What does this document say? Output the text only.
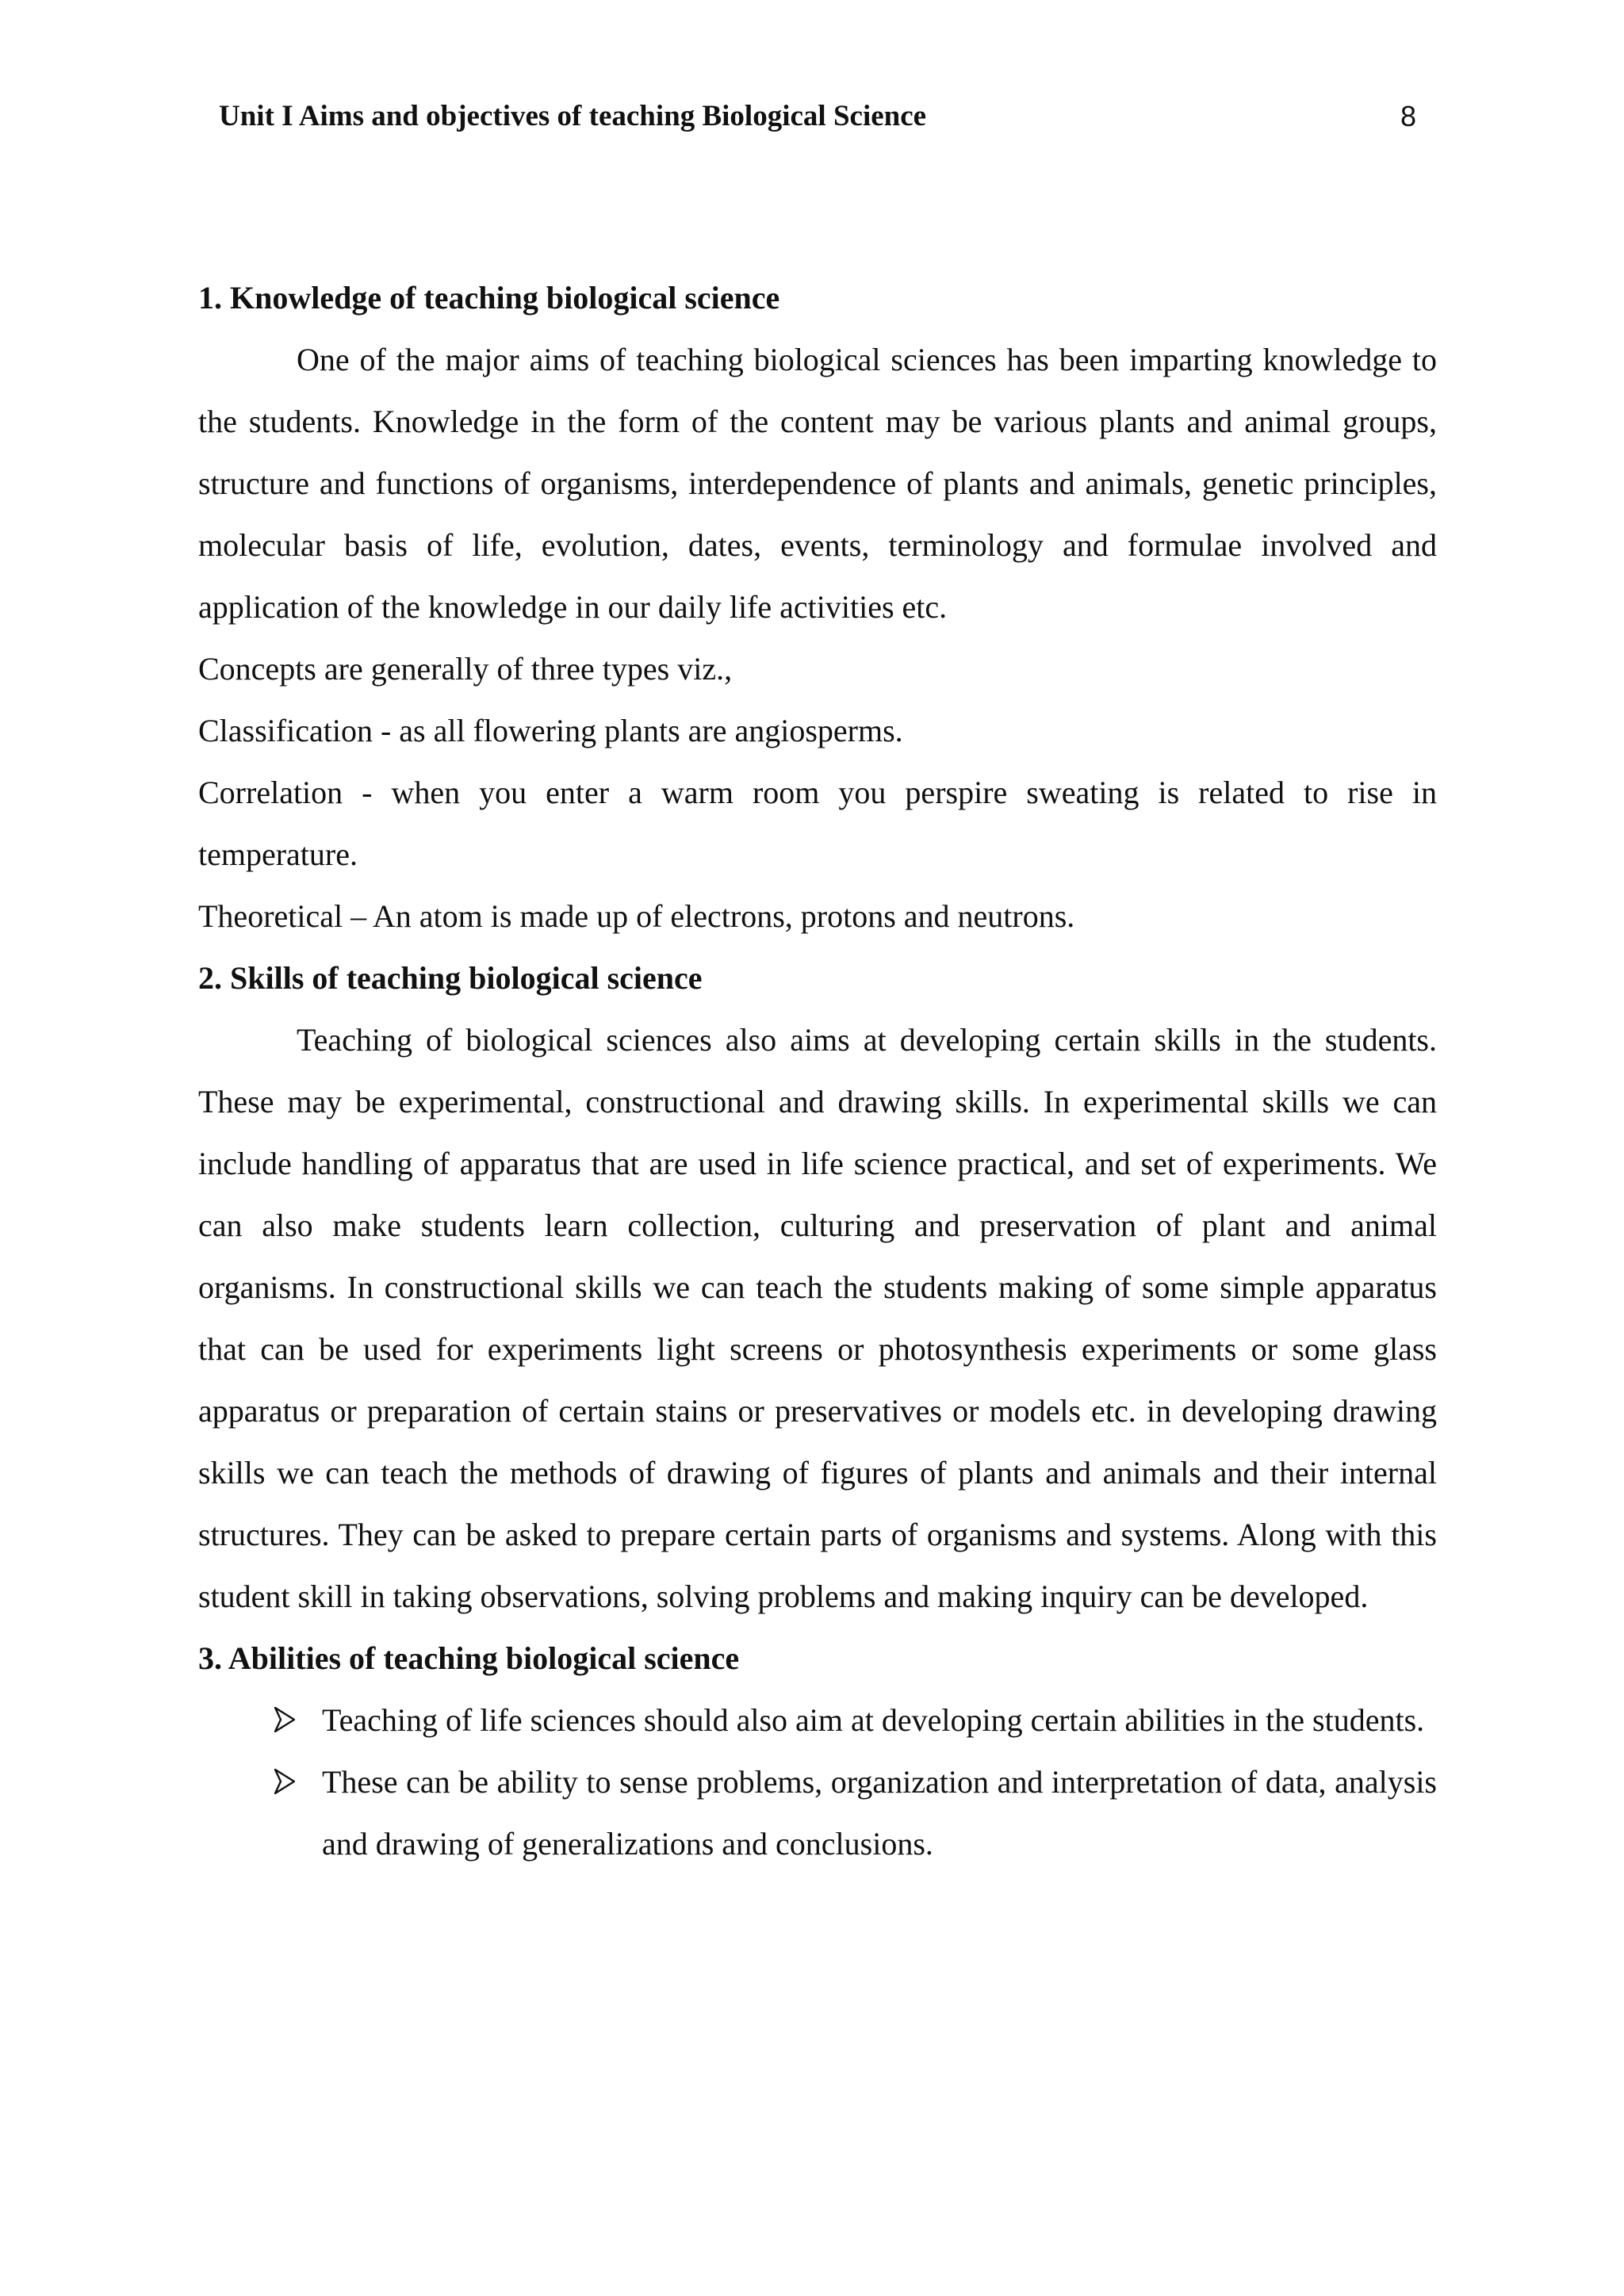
Unit I Aims and objectives of teaching Biological Science	8
1. Knowledge of teaching biological science

One of the major aims of teaching biological sciences has been imparting knowledge to the students. Knowledge in the form of the content may be various plants and animal groups, structure and functions of organisms, interdependence of plants and animals, genetic principles, molecular basis of life, evolution, dates, events, terminology and formulae involved and application of the knowledge in our daily life activities etc.

Concepts are generally of three types viz.,

Classification - as all flowering plants are angiosperms.

Correlation - when you enter a warm room you perspire sweating is related to rise in temperature.

Theoretical – An atom is made up of electrons, protons and neutrons.

2. Skills of teaching biological science

Teaching of biological sciences also aims at developing certain skills in the students. These may be experimental, constructional and drawing skills. In experimental skills we can include handling of apparatus that are used in life science practical, and set of experiments. We can also make students learn collection, culturing and preservation of plant and animal organisms. In constructional skills we can teach the students making of some simple apparatus that can be used for experiments light screens or photosynthesis experiments or some glass apparatus or preparation of certain stains or preservatives or models etc. in developing drawing skills we can teach the methods of drawing of figures of plants and animals and their internal structures. They can be asked to prepare certain parts of organisms and systems. Along with this student skill in taking observations, solving problems and making inquiry can be developed.

3. Abilities of teaching biological science
Teaching of life sciences should also aim at developing certain abilities in the students.
These can be ability to sense problems, organization and interpretation of data, analysis and drawing of generalizations and conclusions.
